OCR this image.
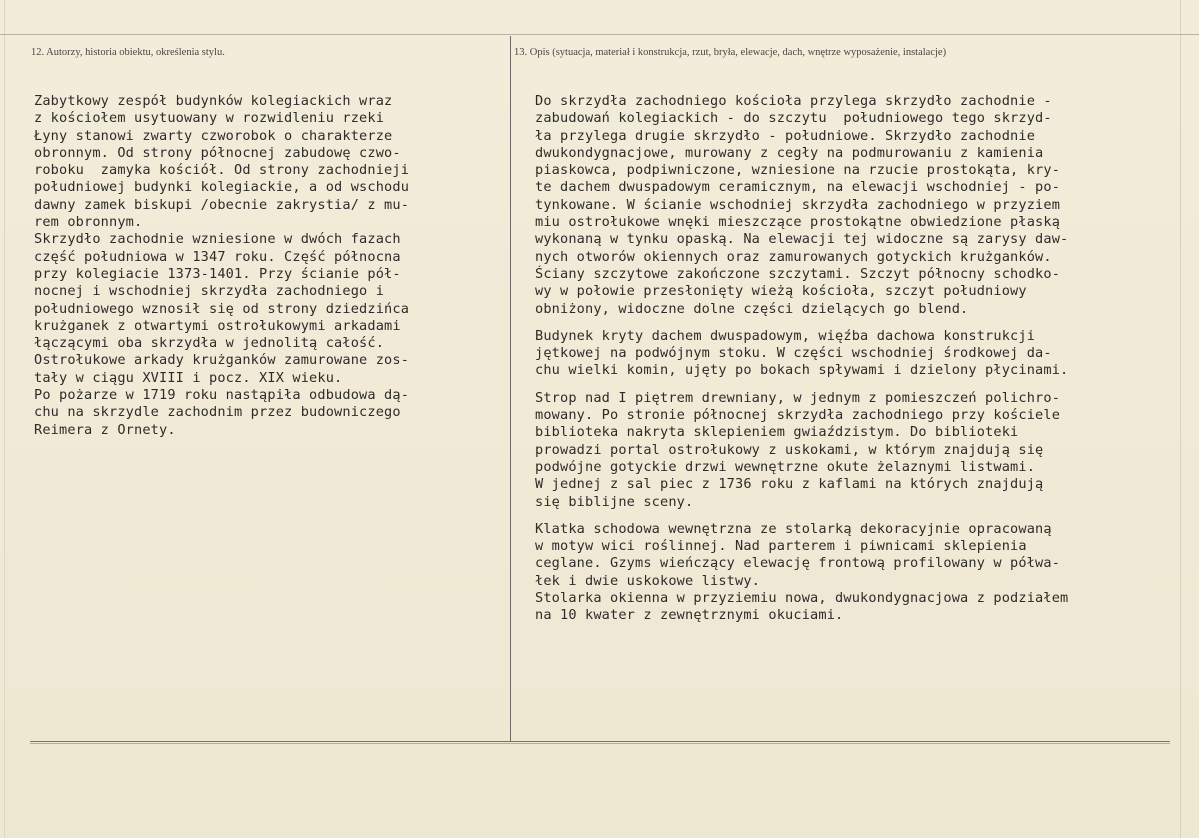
12. Autorzy, historia obiektu, określenia stylu.	13. Opis (sytuacja, materiał i konstrukcja, rzut, bryła, elewacje, dach, wnętrze wyposażenie, instalacje)
Zabytkowy zespół budynków kolegiackich wraz
z kościołem usytuowany w rozwidleniu rzeki
Łyny stanowi zwarty czworobok o charakterze
obronnym. Od strony północnej zabudowę czwo-
roboku  zamyka kościół. Od strony zachodnieji
południowej budynki kolegiackie, a od wschodu
dawny zamek biskupi /obecnie zakrystia/ z mu-
rem obronnym.
Skrzydło zachodnie wzniesione w dwóch fazach
część południowa w 1347 roku. Część północna
przy kolegiacie 1373-1401. Przy ścianie pół-
nocnej i wschodniej skrzydła zachodniego i
południowego wznosił się od strony dziedzińca
krużganek z otwartymi ostrołukowymi arkadami
łączącymi oba skrzydła w jednolitą całość.
Ostrołukowe arkady krużganków zamurowane zos-
tały w ciągu XVIII i pocz. XIX wieku.
Po pożarze w 1719 roku nastąpiła odbudowa dą-
chu na skrzydle zachodnim przez budowniczego
Reimera z Ornety.
Do skrzydła zachodniego kościoła przylega skrzydło zachodnie -
zabudowań kolegiackich - do szczytu  południowego tego skrzyd-
ła przylega drugie skrzydło - południowe. Skrzydło zachodnie
dwukondygnacjowe, murowany z cegły na podmurowaniu z kamienia
piaskowca, podpiwniczone, wzniesione na rzucie prostokąta, kry-
te dachem dwuspadowym ceramicznym, na elewacji wschodniej - po-
tynkowane. W ścianie wschodniej skrzydła zachodniego w przyziem
miu ostrołukowe wnęki mieszczące prostokątne obwiedzione płaską
wykonaną w tynku opaską. Na elewacji tej widoczne są zarysy daw-
nych otworów okiennych oraz zamurowanych gotyckich krużganków.
Ściany szczytowe zakończone szczytami. Szczyt północny schodko-
wy w połowie przesłonięty wieżą kościoła, szczyt południowy
obniżony, widoczne dolne części dzielących go blend.
Budynek kryty dachem dwuspadowym, więźba dachowa konstrukcji
jętkowej na podwójnym stoku. W części wschodniej środkowej da-
chu wielki komin, ujęty po bokach spływami i dzielony płycinami.
Strop nad I piętrem drewniany, w jednym z pomieszczeń polichro-
mowany. Po stronie północnej skrzydła zachodniego przy kościele
biblioteka nakryta sklepieniem gwiaździstym. Do biblioteki
prowadzi portal ostrołukowy z uskokami, w którym znajdują się
podwójne gotyckie drzwi wewnętrzne okute żelaznymi listwami.
W jednej z sal piec z 1736 roku z kaflami na których znajdują
się biblijne sceny.
Klatka schodowa wewnętrzna ze stolarką dekoracyjnie opracowaną
w motyw wici roślinnej. Nad parterem i piwnicami sklepienia
ceglane. Gzyms wieńczący elewację frontową profilowany w półwa-
łek i dwie uskokowe listwy.
Stolarka okienna w przyziemiu nowa, dwukondygnacjowa z podziałem
na 10 kwater z zewnętrznymi okuciami.
